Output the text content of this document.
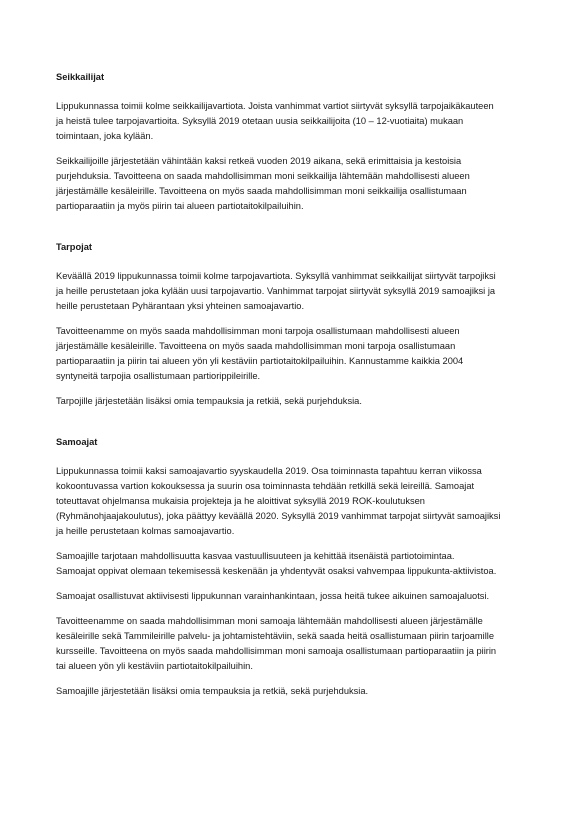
Seikkailijat

Lippukunnassa toimii kolme seikkailijavartiota. Joista vanhimmat vartiot siirtyvät syksyllä tarpojaikäkauteen
ja heistä tulee tarpojavartioita. Syksyllä 2019 otetaan uusia seikkailijoita (10 – 12-vuotiaita) mukaan
toimintaan, joka kylään.

Seikkailijoille järjestetään vähintään kaksi retkeä vuoden 2019 aikana, sekä erimittaisia ja kestoisia
purjehduksia. Tavoitteena on saada mahdollisimman moni seikkailija lähtemään mahdollisesti alueen
järjestämälle kesäleirille. Tavoitteena on myös saada mahdollisimman moni seikkailija osallistumaan
partioparaatiin ja myös piirin tai alueen partiotaitokilpailuihin.

Tarpojat

Keväällä 2019 lippukunnassa toimii kolme tarpojavartiota. Syksyllä vanhimmat seikkailijat siirtyvät tarpojiksi
ja heille perustetaan joka kylään uusi tarpojavartio. Vanhimmat tarpojat siirtyvät syksyllä 2019 samoajiksi ja
heille perustetaan Pyhärantaan yksi yhteinen samoajavartio.

Tavoitteenamme on myös saada mahdollisimman moni tarpoja osallistumaan mahdollisesti alueen
järjestämälle kesäleirille. Tavoitteena on myös saada mahdollisimman moni tarpoja osallistumaan
partioparaatiin ja piirin tai alueen yön yli kestäviin partiotaitokilpailuihin. Kannustamme kaikkia 2004
syntyneitä tarpojia osallistumaan partiorippileirille.

Tarpojille järjestetään lisäksi omia tempauksia ja retkiä, sekä purjehduksia.

Samoajat

Lippukunnassa toimii kaksi samoajavartio syyskaudella 2019. Osa toiminnasta tapahtuu kerran viikossa
kokoontuvassa vartion kokouksessa ja suurin osa toiminnasta tehdään retkillä sekä leireillä. Samoajat
toteuttavat ohjelmansa mukaisia projekteja ja he aloittivat syksyllä 2019 ROK-koulutuksen
(Ryhmänohjaajakoulutus), joka päättyy keväällä 2020. Syksyllä 2019 vanhimmat tarpojat siirtyvät samoajiksi
ja heille perustetaan kolmas samoajavartio.

Samoajille tarjotaan mahdollisuutta kasvaa vastuullisuuteen ja kehittää itsenäistä partiotoimintaa.
Samoajat oppivat olemaan tekemisessä keskenään ja yhdentyvät osaksi vahvempaa lippukunta-aktiivistoa.

Samoajat osallistuvat aktiivisesti lippukunnan varainhankintaan, jossa heitä tukee aikuinen samoajaluotsi.

Tavoitteenamme on saada mahdollisimman moni samoaja lähtemään mahdollisesti alueen järjestämälle
kesäleirille sekä Tammileirille palvelu- ja johtamistehtäviin, sekä saada heitä osallistumaan piirin tarjoamille
kursseille. Tavoitteena on myös saada mahdollisimman moni samoaja osallistumaan partioparaatiin ja piirin
tai alueen yön yli kestäviin partiotaitokilpailuihin.

Samoajille järjestetään lisäksi omia tempauksia ja retkiä, sekä purjehduksia.
